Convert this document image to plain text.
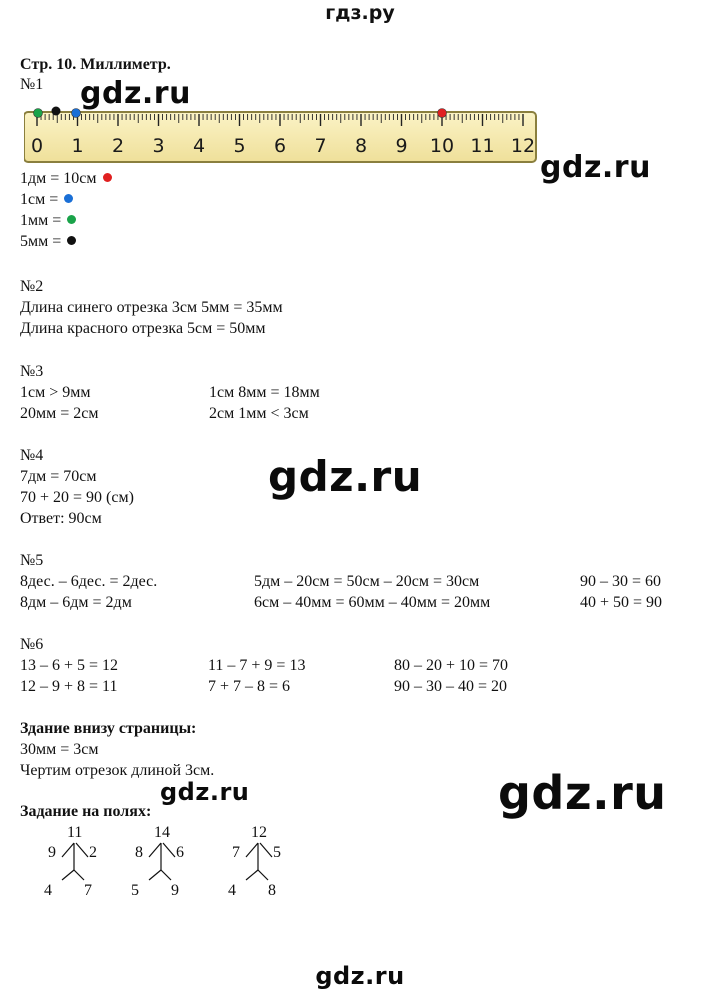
гдз.ру
Стр. 10. Миллиметр.
№1 gdz.ru
0 1 2 3 4 5 6 7 8 9 10 11 12
gdz.ru
1дм = 10см
1см =
1мм =
5мм =
№2
Длина синего отрезка 3см 5мм = 35мм
Длина красного отрезка 5см = 50мм
№3
1см > 9мм
20мм = 2см
1см 8мм = 18мм
2см 1мм < 3см
№4
7дм = 70см
70 + 20 = 90 (см)
Ответ: 90см
gdz.ru
№5
8дес. – 6дес. = 2дес.
8дм – 6дм = 2дм
5дм – 20см = 50см – 20см = 30см
6см – 40мм = 60мм – 40мм = 20мм
90 – 30 = 60
40 + 50 = 90
№6
13 – 6 + 5 = 12
12 – 9 + 8 = 11
11 – 7 + 9 = 13
7 + 7 – 8 = 6
80 – 20 + 10 = 70
90 – 30 – 40 = 20
Здание внизу страницы:
30мм = 3см
Чертим отрезок длиной 3см.	gdz.ru
gdz.ru
Задание на полях:
11
9 2
4 7
14
8 6
5 9
12
7 5
4 8
gdz.ru
